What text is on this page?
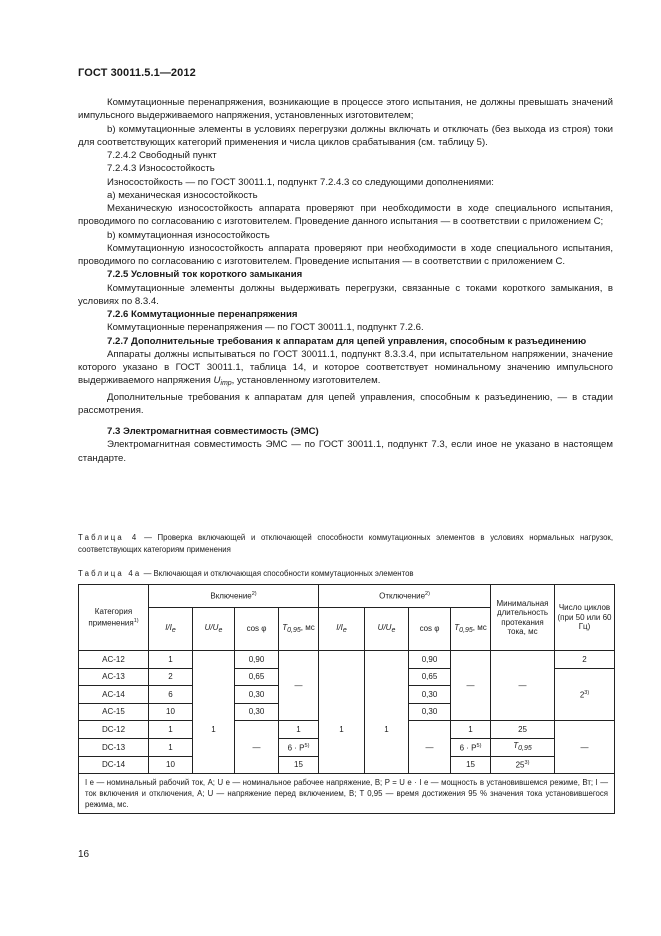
ГОСТ 30011.5.1—2012

Коммутационные перенапряжения, возникающие в процессе этого испытания, не должны превышать значений импульсного выдерживаемого напряжения, установленных изготовителем;

b) коммутационные элементы в условиях перегрузки должны включать и отключать (без выхода из строя) токи для соответствующих категорий применения и числа циклов срабатывания (см. таблицу 5).

7.2.4.2 Свободный пункт

7.2.4.3 Износостойкость

Износостойкость — по ГОСТ 30011.1, подпункт 7.2.4.3 со следующими дополнениями:

a) механическая износостойкость

Механическую износостойкость аппарата проверяют при необходимости в ходе специального испытания, проводимого по согласованию с изготовителем. Проведение данного испытания — в соответствии с приложением С;

b) коммутационная износостойкость

Коммутационную износостойкость аппарата проверяют при необходимости в ходе специального испытания, проводимого по согласованию с изготовителем. Проведение испытания — в соответствии с приложением С.

7.2.5 Условный ток короткого замыкания

Коммутационные элементы должны выдерживать перегрузки, связанные с токами короткого замыкания, в условиях по 8.3.4.

7.2.6 Коммутационные перенапряжения

Коммутационные перенапряжения — по ГОСТ 30011.1, подпункт 7.2.6.

7.2.7 Дополнительные требования к аппаратам для цепей управления, способным к разъединению

Аппараты должны испытываться по ГОСТ 30011.1, подпункт 8.3.3.4, при испытательном напряжении, значение которого указано в ГОСТ 30011.1, таблица 14, и которое соответствует номинальному значению импульсного выдерживаемого напряжения $U_{imp}$, установленному изготовителем.

Дополнительные требования к аппаратам для цепей управления, способным к разъединению, — в стадии рассмотрения.

7.3 Электромагнитная совместимость (ЭМС)

Электромагнитная совместимость ЭМС — по ГОСТ 30011.1, подпункт 7.3, если иное не указано в настоящем стандарте.

Таблица 4 — Проверка включающей и отключающей способности коммутационных элементов в условиях нормальных нагрузок, соответствующих категориям применения
Таблица 4а — Включающая и отключающая способности коммутационных элементов
Категория применения$^{1)}$	Включение$^{2)}$				Отключение$^{2)}$				Минимальная длительность протекания тока, мс	Число циклов (при 50 или 60 Гц)
	I/Ie	U/Ue	cos φ	T0,95, мс	I/Ie	U/Ue	cos φ	T0,95, мс		
AC-12	1	1	0,90	—	1	1	0,90	—	—	2
AC-13	2		0,65				0,65			2$^{3)}$
AC-14	6		0,30				0,30			
AC-15	10		0,30				0,30			
DC-12	1		—	1			—	1	25	—
DC-13	1			$6 \cdot P^{5)}$				$6 \cdot P^{5)}$	T0,95	
DC-14	10			15				15	25$^{3)}$
I e — номинальный рабочий ток, А; U e — номинальное рабочее напряжение, В; P = U e · I e — мощность в установившемся режиме, Вт; I — ток включения и отключения, А; U — напряжение перед включением, В; T 0,95 — время достижения 95 % значения тока установившегося режима, мс.										
16
